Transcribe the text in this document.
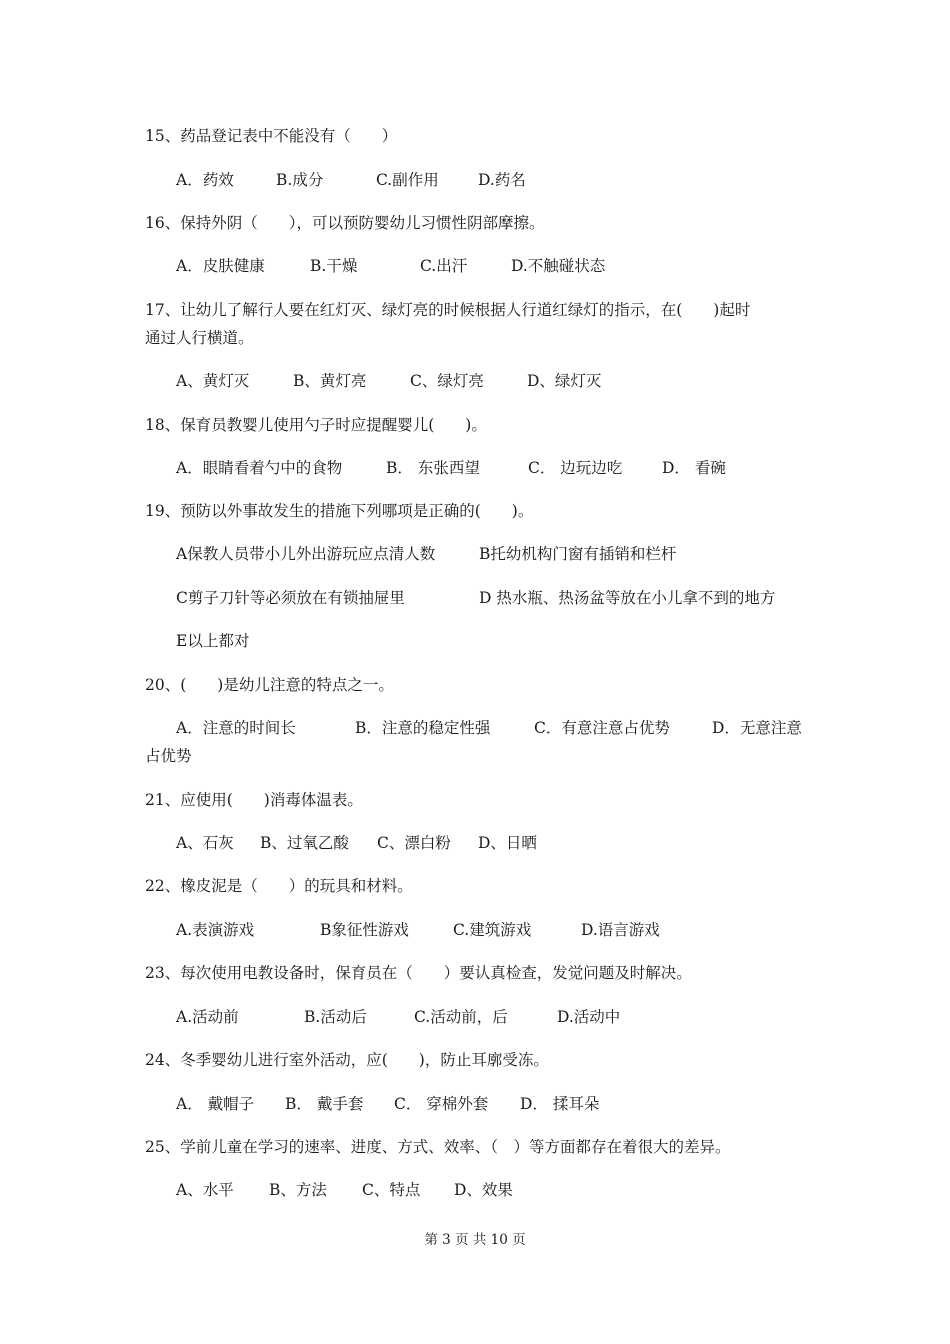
15、药品登记表中不能没有（　　）
A．药效	B.成分	C.副作用	D.药名
16、保持外阴（　　），可以预防婴幼儿习惯性阴部摩擦。
A．皮肤健康	B.干燥	C.出汗	D.不触碰状态
17、让幼儿了解行人要在红灯灭、绿灯亮的时候根据人行道红绿灯的指示，在(　　)起时
通过人行横道。
A、黄灯灭	B、黄灯亮	C、绿灯亮	D、绿灯灭
18、保育员教婴儿使用勺子时应提醒婴儿(　　)。
A．眼睛看着勺中的食物	B． 东张西望	C． 边玩边吃	D． 看碗
19、预防以外事故发生的措施下列哪项是正确的(　　)。
A保教人员带小儿外出游玩应点清人数	B托幼机构门窗有插销和栏杆
C剪子刀针等必须放在有锁抽屉里	D 热水瓶、热汤盆等放在小儿拿不到的地方
E以上都对
20、(　　)是幼儿注意的特点之一。
A．注意的时间长	B．注意的稳定性强	C．有意注意占优势	D．无意注意
占优势
21、应使用(　　)消毒体温表。
A、石灰 B、过氧乙酸 C、漂白粉 D、日晒
22、橡皮泥是（　　）的玩具和材料。
A.表演游戏	B象征性游戏	C.建筑游戏	D.语言游戏
23、每次使用电教设备时，保育员在（　　）要认真检查，发觉问题及时解决。
A.活动前	B.活动后	C.活动前，后	D.活动中
24、冬季婴幼儿进行室外活动，应(　　)，防止耳廓受冻。
A． 戴帽子 B． 戴手套 C． 穿棉外套 D． 揉耳朵
25、学前儿童在学习的速率、进度、方式、效率、（　）等方面都存在着很大的差异。
A、水平 B、方法 C、特点 D、效果
第 3 页 共 10 页
